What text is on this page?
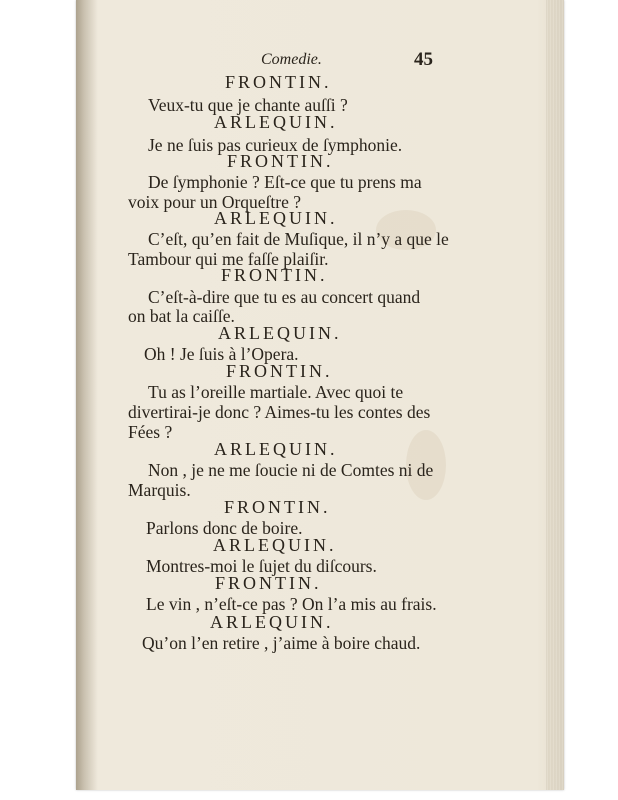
Comedie.	45
FRONTIN.
Veux-tu que je chante auſſi ?
ARLEQUIN.
Je ne ſuis pas curieux de ſymphonie.
FRONTIN.
De ſymphonie ? Eſt-ce que tu prens ma
voix pour un Orqueſtre ?
ARLEQUIN.
C’eſt, qu’en fait de Muſique, il n’y a que le
Tambour qui me faſſe plaiſir.
FRONTIN.
C’eſt-à-dire que tu es au concert quand
on bat la caiſſe.
ARLEQUIN.
Oh ! Je ſuis à l’Opera.
FRONTIN.
Tu as l’oreille martiale. Avec quoi te
divertirai-je donc ? Aimes-tu les contes des
Fées ?
ARLEQUIN.
Non , je ne me ſoucie ni de Comtes ni de
Marquis.
FRONTIN.
Parlons donc de boire.
ARLEQUIN.
Montres-moi le ſujet du diſcours.
FRONTIN.
Le vin , n’eſt-ce pas ? On l’a mis au frais.
ARLEQUIN.
Qu’on l’en retire , j’aime à boire chaud.
